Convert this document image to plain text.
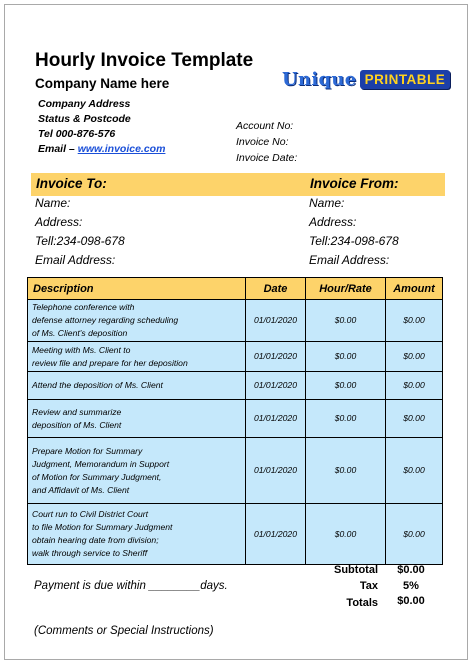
Hourly Invoice Template
Company Name here
Company Address
Status & Postcode
Tel 000-876-576
Email – www.invoice.com
Unique PRINTABLE
Account No:
Invoice No:
Invoice Date:
Invoice To:	Invoice From:
Name:
Address:
Tell:234-098-678
Email Address:
Name:
Address:
Tell:234-098-678
Email Address:
Description	Date	Hour/Rate	Amount

Telephone conference with
defense attorney regarding scheduling
of Ms. Client's deposition	01/01/2020	$0.00	$0.00

Meeting with Ms. Client to
review file and prepare for her deposition	01/01/2020	$0.00	$0.00

Attend the deposition of Ms. Client	01/01/2020	$0.00	$0.00

Review and summarize
deposition of Ms. Client	01/01/2020	$0.00	$0.00

Prepare Motion for Summary
Judgment, Memorandum in Support
of Motion for Summary Judgment,
and Affidavit of Ms. Client	01/01/2020	$0.00	$0.00

Court run to Civil District Court
to file Motion for Summary Judgment
obtain hearing date from division;
walk through service to Sheriff	01/01/2020	$0.00	$0.00
Subtotal	$0.00
Tax	5%
Totals	$0.00
Payment is due within ________days.
(Comments or Special Instructions)
